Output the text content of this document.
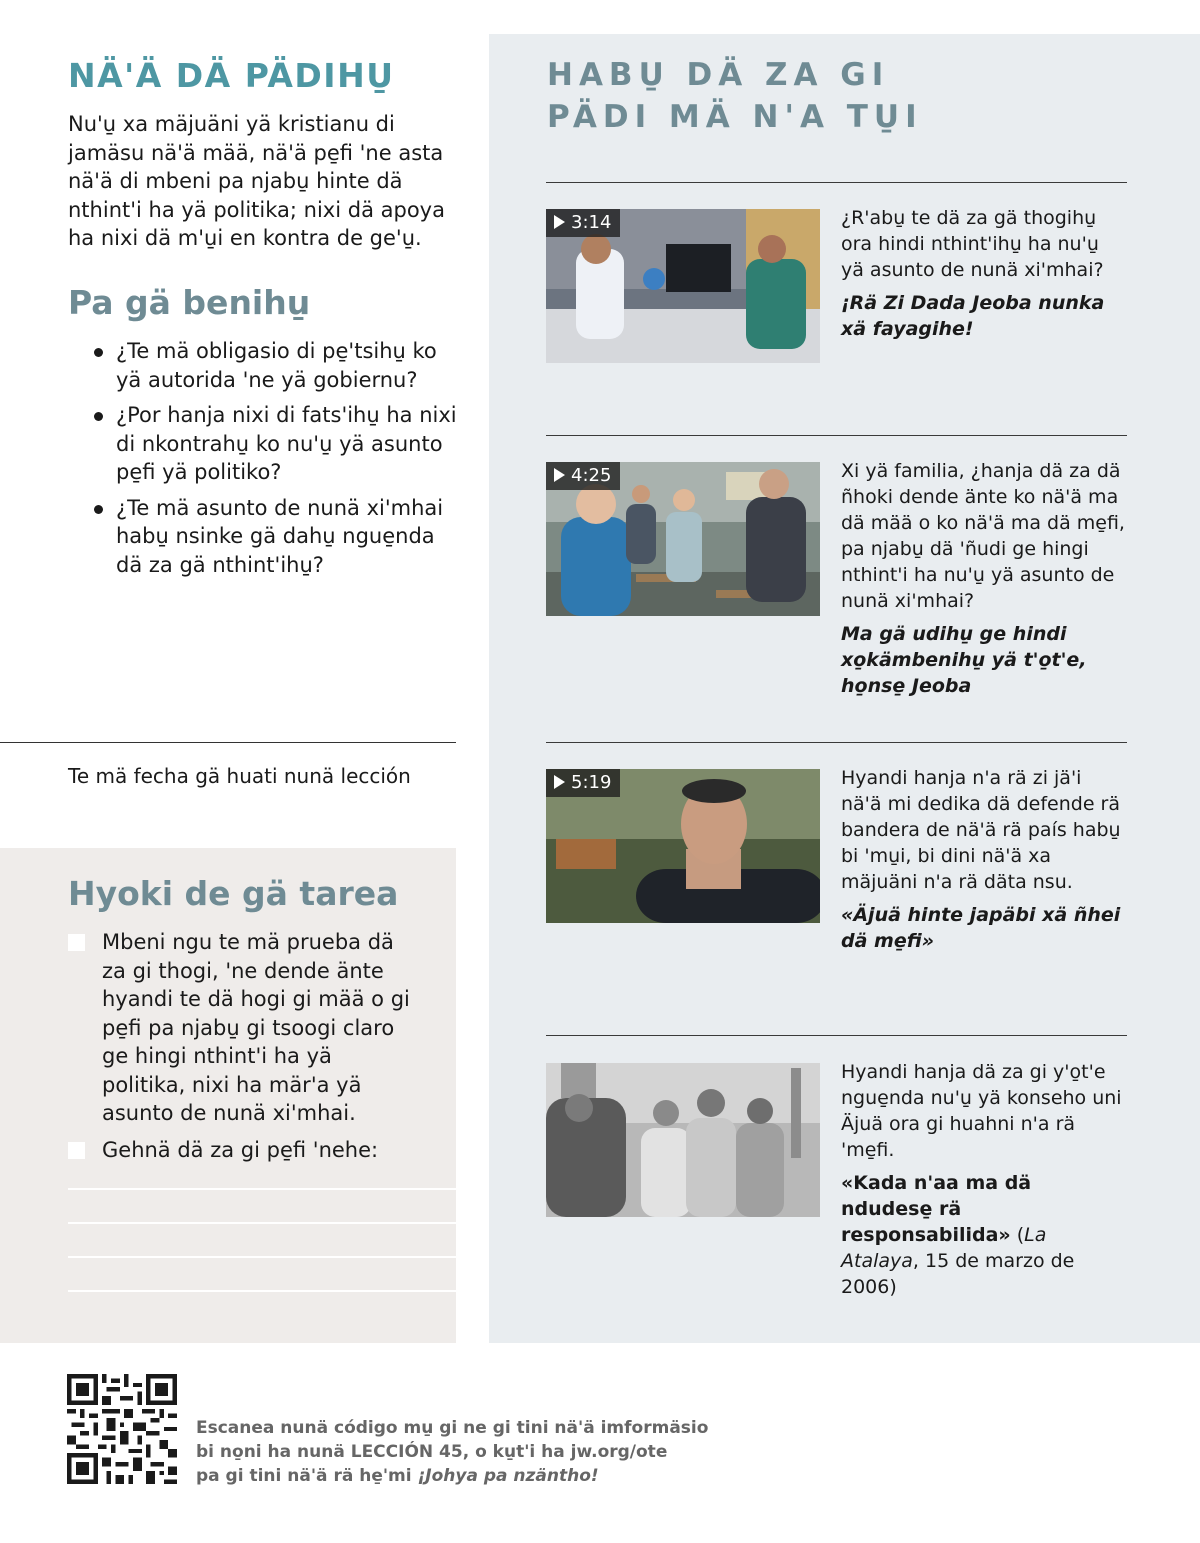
NÄ'Ä DÄ PÄDIHU̱

Nu'u̱ xa mäjuäni yä kristianu di jamäsu nä'ä mää, nä'ä pe̱fi 'ne asta nä'ä di mbeni pa njabu̱ hinte dä nthint'i ha yä politika; nixi dä apoya ha nixi dä m'u̱i en kontra de ge'u̱.

Pa gä benihu̱
¿Te mä obligasio di pe̱'tsihu̱ ko yä autorida 'ne yä gobiernu?
¿Por hanja nixi di fats'ihu̱ ha nixi di nkontrahu̱ ko nu'u̱ yä asunto pe̱fi yä politiko?
¿Te mä asunto de nunä xi'mhai habu̱ nsinke gä dahu̱ ngue̱nda dä za gä nthint'ihu̱?
Te mä fecha gä huati nunä lección
Hyoki de gä tarea
Mbeni ngu te mä prueba dä za gi thogi, 'ne dende änte hyandi te dä hogi gi mää o gi pe̱fi pa njabu̱ gi tsoogi claro ge hingi nthint'i ha yä politika, nixi ha mär'a yä asunto de nunä xi'mhai.
Gehnä dä za gi pe̱fi 'nehe:
HABU̱ DÄ ZA GI PÄDI MÄ N'A TU̱I
3:14	¿R'abu̱ te dä za gä thogihu̱ ora hindi nthint'ihu̱ ha nu'u̱ yä asunto de nunä xi'mhai?
¡Rä Zi Dada Jeoba nunka xä fayagihe!
4:25	Xi yä familia, ¿hanja dä za dä ñhoki dende änte ko nä'ä ma dä mää o ko nä'ä ma dä me̱fi, pa njabu̱ dä 'ñudi ge hingi nthint'i ha nu'u̱ yä asunto de nunä xi'mhai?
Ma gä udihu̱ ge hindi xo̱kämbenihu̱ yä t'o̱t'e, ho̱nse̱ Jeoba
5:19	Hyandi hanja n'a rä zi jä'i nä'ä mi dedika dä defende rä bandera de nä'ä rä país habu̱ bi 'mu̱i, bi dini nä'ä xa mäjuäni n'a rä däta nsu.
«Äjuä hinte japäbi xä ñhei dä me̱fi»
Hyandi hanja dä za gi y'o̱t'e ngue̱nda nu'u̱ yä konseho uni Äjuä ora gi huahni n'a rä 'me̱fi.
«Kada n'aa ma dä ndudese̱ rä responsabilida» (La Atalaya, 15 de marzo de 2006)
Escanea nunä código mu̱ gi ne gi tini nä'ä imformäsio
bi no̱ni ha nunä LECCIÓN 45, o ku̱t'i ha jw.org/ote
pa gi tini nä'ä rä he̱'mi ¡Johya pa nzäntho!
